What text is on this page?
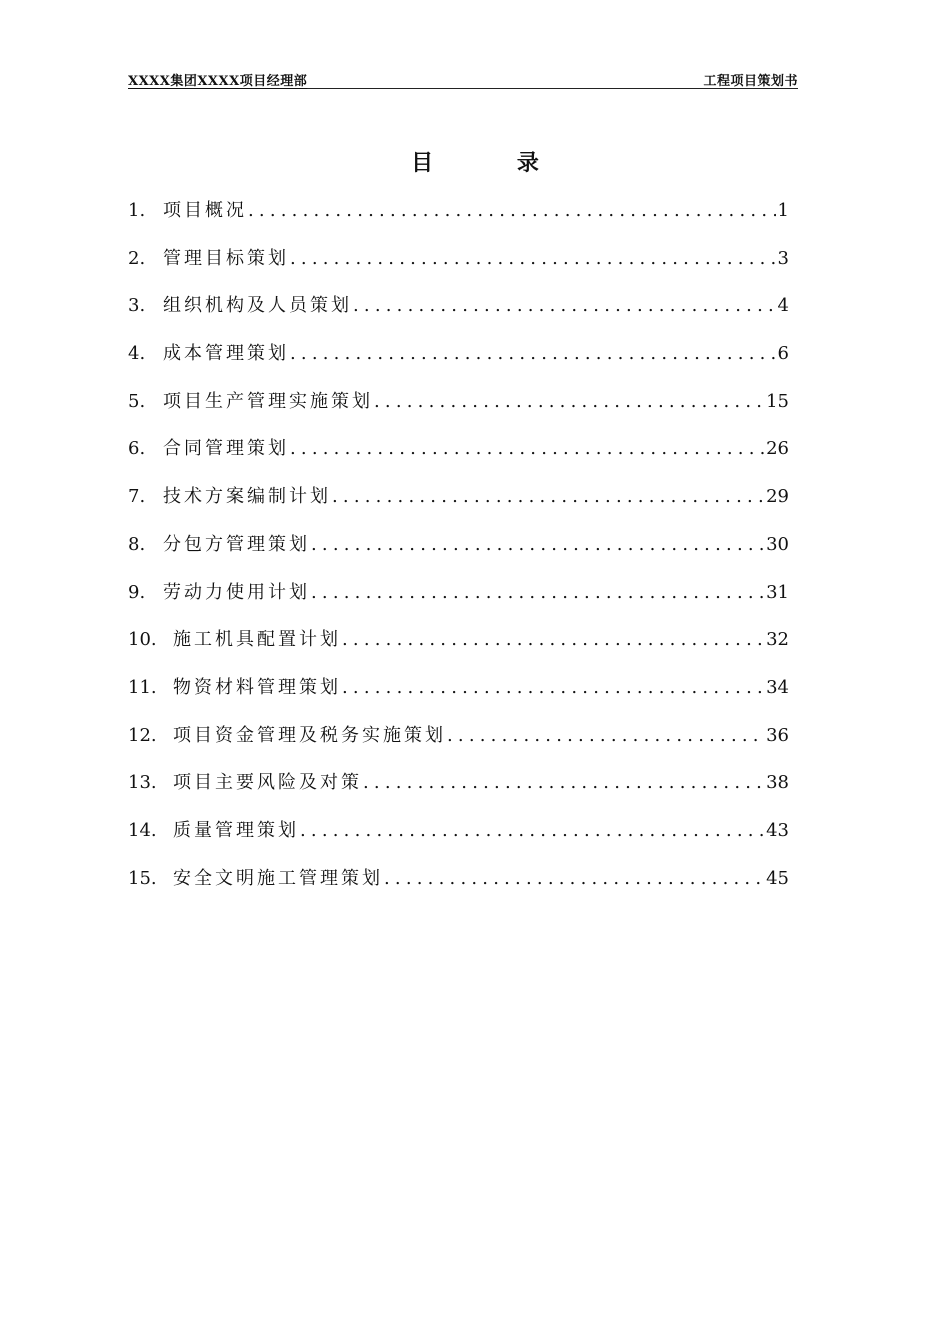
XXXX集团XXXX项目经理部	工程项目策划书
目 录
1. 项目概况 .....	1
2. 管理目标策划 .....	3
3. 组织机构及人员策划 .....	4
4. 成本管理策划 .....	6
5. 项目生产管理实施策划 .....	15
6. 合同管理策划 .....	26
7. 技术方案编制计划 .....	29
8. 分包方管理策划 .....	30
9. 劳动力使用计划 .....	31
10. 施工机具配置计划 .....	32
11. 物资材料管理策划 .....	34
12. 项目资金管理及税务实施策划 .....	36
13. 项目主要风险及对策 .....	38
14. 质量管理策划 .....	43
15. 安全文明施工管理策划 .....	45
